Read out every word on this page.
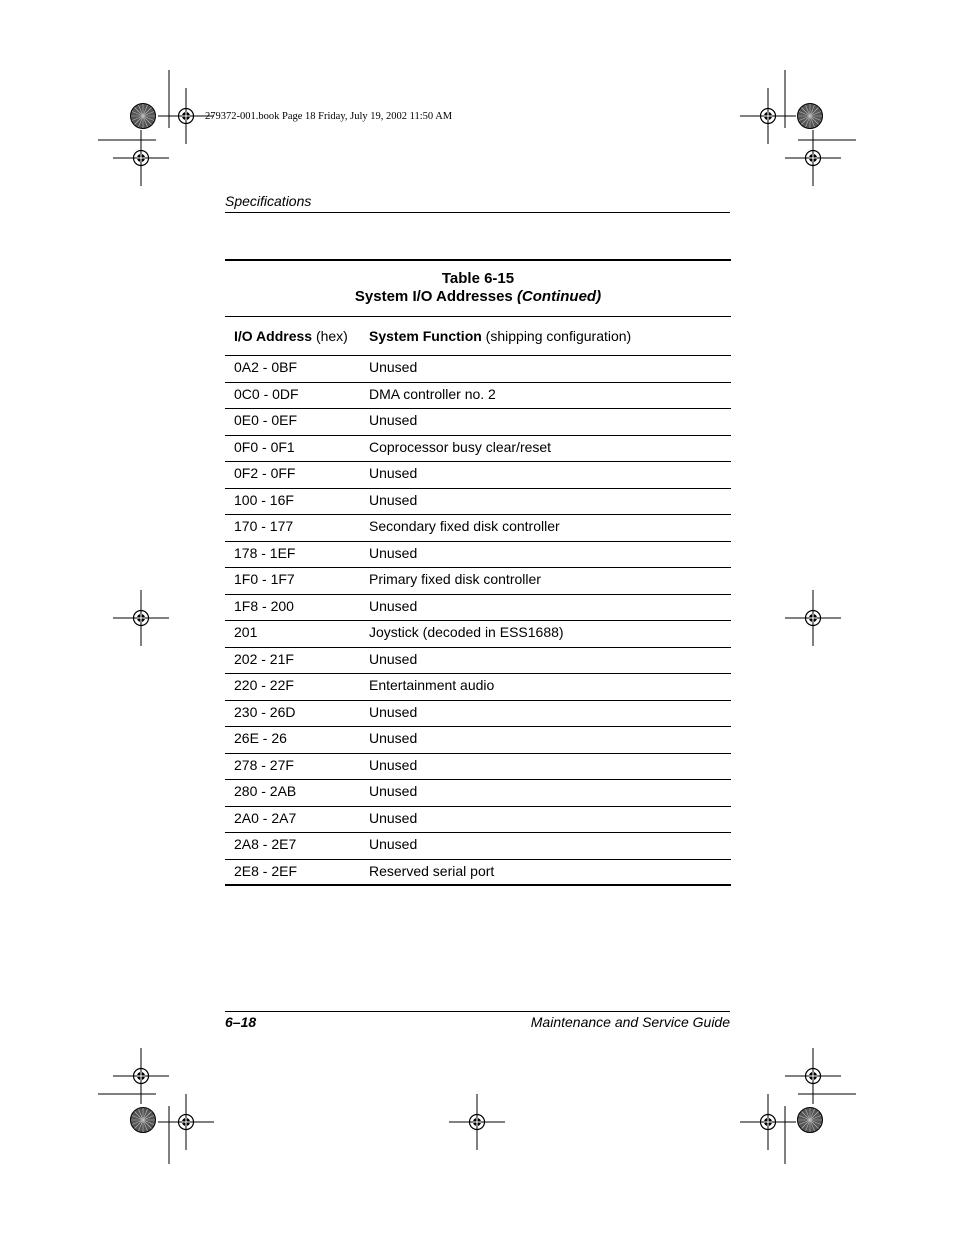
279372-001.book Page 18 Friday, July 19, 2002 11:50 AM
Specifications
Table 6-15
System I/O Addresses (Continued)
I/O Address (hex)	System Function (shipping configuration)
0A2 - 0BF	Unused
0C0 - 0DF	DMA controller no. 2
0E0 - 0EF	Unused
0F0 - 0F1	Coprocessor busy clear/reset
0F2 - 0FF	Unused
100 - 16F	Unused
170 - 177	Secondary fixed disk controller
178 - 1EF	Unused
1F0 - 1F7	Primary fixed disk controller
1F8 - 200	Unused
201	Joystick (decoded in ESS1688)
202 - 21F	Unused
220 - 22F	Entertainment audio
230 - 26D	Unused
26E - 26	Unused
278 - 27F	Unused
280 - 2AB	Unused
2A0 - 2A7	Unused
2A8 - 2E7	Unused
2E8 - 2EF	Reserved serial port
6–18	Maintenance and Service Guide
